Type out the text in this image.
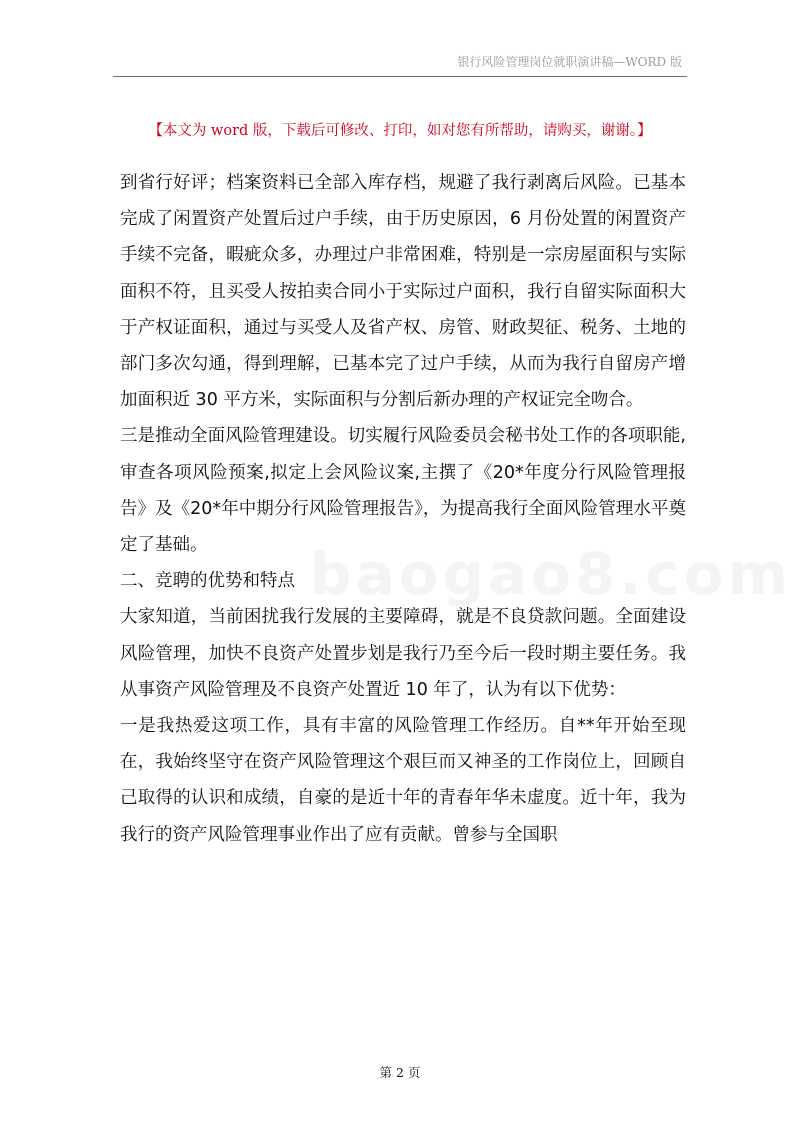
银行风险管理岗位就职演讲稿—WORD 版
【本文为 word 版，下载后可修改、打印，如对您有所帮助，请购买，谢谢。】

到省行好评；档案资料已全部入库存档，规避了我行剥离后风险。已基本完成了闲置资产处置后过户手续，由于历史原因，6 月份处置的闲置资产手续不完备，暇疵众多，办理过户非常困难，特别是一宗房屋面积与实际面积不符，且买受人按拍卖合同小于实际过户面积，我行自留实际面积大于产权证面积，通过与买受人及省产权、房管、财政契征、税务、土地的部门多次勾通，得到理解，已基本完了过户手续，从而为我行自留房产增加面积近 30 平方米，实际面积与分割后新办理的产权证完全吻合。

三是推动全面风险管理建设。切实履行风险委员会秘书处工作的各项职能,审查各项风险预案,拟定上会风险议案,主撰了《20*年度分行风险管理报告》及《20*年中期分行风险管理报告》，为提高我行全面风险管理水平奠定了基础。

二、竞聘的优势和特点

大家知道，当前困扰我行发展的主要障碍，就是不良贷款问题。全面建设风险管理，加快不良资产处置步划是我行乃至今后一段时期主要任务。我从事资产风险管理及不良资产处置近 10 年了，认为有以下优势：

一是我热爱这项工作，具有丰富的风险管理工作经历。自**年开始至现在，我始终坚守在资产风险管理这个艰巨而又神圣的工作岗位上，回顾自己取得的认识和成绩，自豪的是近十年的青春年华未虚度。近十年，我为我行的资产风险管理事业作出了应有贡献。曾参与全国职

第 2 页
